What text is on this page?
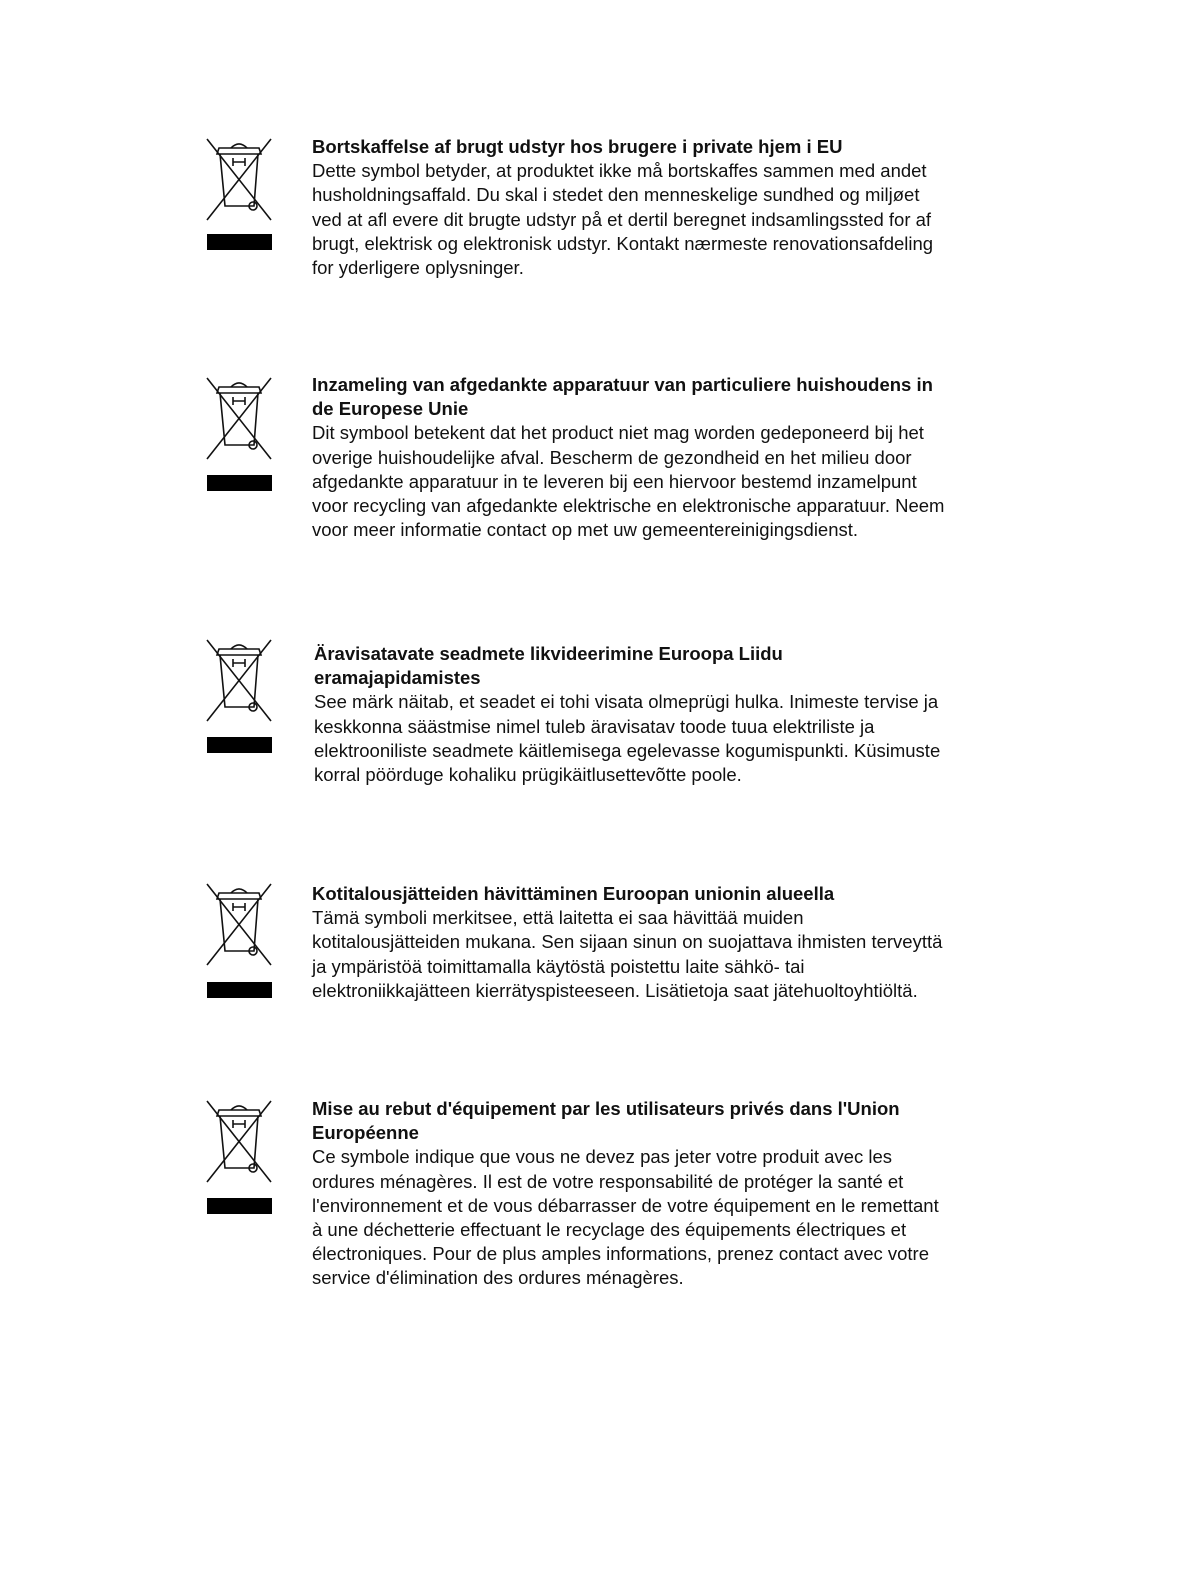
Bortskaffelse af brugt udstyr hos brugere i private hjem i EU

Dette symbol betyder, at produktet ikke må bortskaffes sammen med andet
husholdningsaffald. Du skal i stedet den menneskelige sundhed og miljøet
ved at afl evere dit brugte udstyr på et dertil beregnet indsamlingssted for af
brugt, elektrisk og elektronisk udstyr. Kontakt nærmeste renovationsafdeling
for yderligere oplysninger.

Inzameling van afgedankte apparatuur van particuliere huishoudens in
de Europese Unie

Dit symbool betekent dat het product niet mag worden gedeponeerd bij het
overige huishoudelijke afval. Bescherm de gezondheid en het milieu door
afgedankte apparatuur in te leveren bij een hiervoor bestemd inzamelpunt
voor recycling van afgedankte elektrische en elektronische apparatuur. Neem
voor meer informatie contact op met uw gemeentereinigingsdienst.

Äravisatavate seadmete likvideerimine Euroopa Liidu
eramajapidamistes

See märk näitab, et seadet ei tohi visata olmeprügi hulka. Inimeste tervise ja
keskkonna säästmise nimel tuleb äravisatav toode tuua elektriliste ja
elektrooniliste seadmete käitlemisega egelevasse kogumispunkti. Küsimuste
korral pöörduge kohaliku prügikäitlusettevõtte poole.

Kotitalousjätteiden hävittäminen Euroopan unionin alueella

Tämä symboli merkitsee, että laitetta ei saa hävittää muiden
kotitalousjätteiden mukana. Sen sijaan sinun on suojattava ihmisten terveyttä
ja ympäristöä toimittamalla käytöstä poistettu laite sähkö- tai
elektroniikkajätteen kierrätyspisteeseen. Lisätietoja saat jätehuoltoyhtiöltä.

Mise au rebut d'équipement par les utilisateurs privés dans l'Union
Européenne

Ce symbole indique que vous ne devez pas jeter votre produit avec les
ordures ménagères. Il est de votre responsabilité de protéger la santé et
l'environnement et de vous débarrasser de votre équipement en le remettant
à une déchetterie effectuant le recyclage des équipements électriques et
électroniques. Pour de plus amples informations, prenez contact avec votre
service d'élimination des ordures ménagères.
